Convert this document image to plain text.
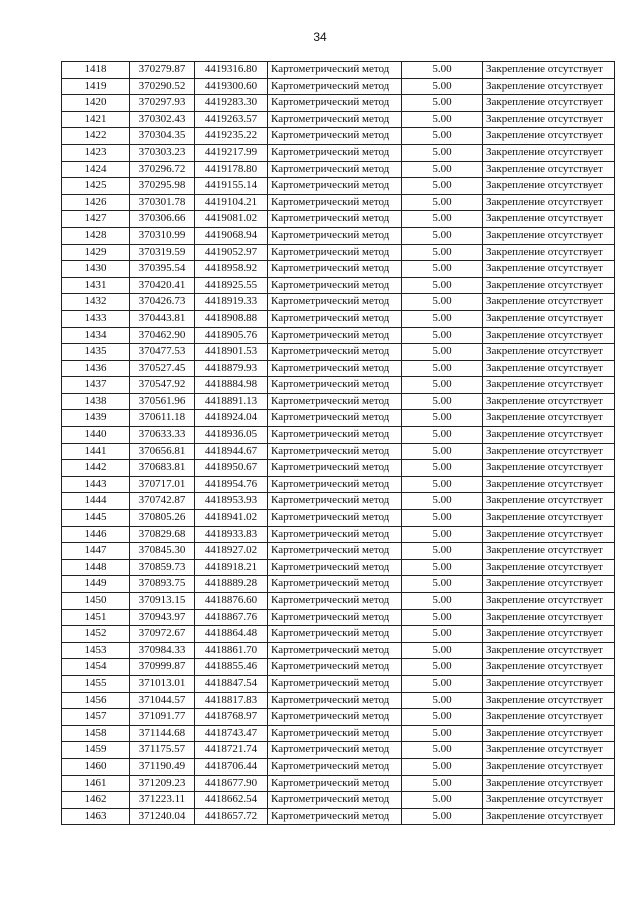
34
1418	370279.87	4419316.80	Картометрический метод	5.00	Закрепление отсутствует
1419	370290.52	4419300.60	Картометрический метод	5.00	Закрепление отсутствует
1420	370297.93	4419283.30	Картометрический метод	5.00	Закрепление отсутствует
1421	370302.43	4419263.57	Картометрический метод	5.00	Закрепление отсутствует
1422	370304.35	4419235.22	Картометрический метод	5.00	Закрепление отсутствует
1423	370303.23	4419217.99	Картометрический метод	5.00	Закрепление отсутствует
1424	370296.72	4419178.80	Картометрический метод	5.00	Закрепление отсутствует
1425	370295.98	4419155.14	Картометрический метод	5.00	Закрепление отсутствует
1426	370301.78	4419104.21	Картометрический метод	5.00	Закрепление отсутствует
1427	370306.66	4419081.02	Картометрический метод	5.00	Закрепление отсутствует
1428	370310.99	4419068.94	Картометрический метод	5.00	Закрепление отсутствует
1429	370319.59	4419052.97	Картометрический метод	5.00	Закрепление отсутствует
1430	370395.54	4418958.92	Картометрический метод	5.00	Закрепление отсутствует
1431	370420.41	4418925.55	Картометрический метод	5.00	Закрепление отсутствует
1432	370426.73	4418919.33	Картометрический метод	5.00	Закрепление отсутствует
1433	370443.81	4418908.88	Картометрический метод	5.00	Закрепление отсутствует
1434	370462.90	4418905.76	Картометрический метод	5.00	Закрепление отсутствует
1435	370477.53	4418901.53	Картометрический метод	5.00	Закрепление отсутствует
1436	370527.45	4418879.93	Картометрический метод	5.00	Закрепление отсутствует
1437	370547.92	4418884.98	Картометрический метод	5.00	Закрепление отсутствует
1438	370561.96	4418891.13	Картометрический метод	5.00	Закрепление отсутствует
1439	370611.18	4418924.04	Картометрический метод	5.00	Закрепление отсутствует
1440	370633.33	4418936.05	Картометрический метод	5.00	Закрепление отсутствует
1441	370656.81	4418944.67	Картометрический метод	5.00	Закрепление отсутствует
1442	370683.81	4418950.67	Картометрический метод	5.00	Закрепление отсутствует
1443	370717.01	4418954.76	Картометрический метод	5.00	Закрепление отсутствует
1444	370742.87	4418953.93	Картометрический метод	5.00	Закрепление отсутствует
1445	370805.26	4418941.02	Картометрический метод	5.00	Закрепление отсутствует
1446	370829.68	4418933.83	Картометрический метод	5.00	Закрепление отсутствует
1447	370845.30	4418927.02	Картометрический метод	5.00	Закрепление отсутствует
1448	370859.73	4418918.21	Картометрический метод	5.00	Закрепление отсутствует
1449	370893.75	4418889.28	Картометрический метод	5.00	Закрепление отсутствует
1450	370913.15	4418876.60	Картометрический метод	5.00	Закрепление отсутствует
1451	370943.97	4418867.76	Картометрический метод	5.00	Закрепление отсутствует
1452	370972.67	4418864.48	Картометрический метод	5.00	Закрепление отсутствует
1453	370984.33	4418861.70	Картометрический метод	5.00	Закрепление отсутствует
1454	370999.87	4418855.46	Картометрический метод	5.00	Закрепление отсутствует
1455	371013.01	4418847.54	Картометрический метод	5.00	Закрепление отсутствует
1456	371044.57	4418817.83	Картометрический метод	5.00	Закрепление отсутствует
1457	371091.77	4418768.97	Картометрический метод	5.00	Закрепление отсутствует
1458	371144.68	4418743.47	Картометрический метод	5.00	Закрепление отсутствует
1459	371175.57	4418721.74	Картометрический метод	5.00	Закрепление отсутствует
1460	371190.49	4418706.44	Картометрический метод	5.00	Закрепление отсутствует
1461	371209.23	4418677.90	Картометрический метод	5.00	Закрепление отсутствует
1462	371223.11	4418662.54	Картометрический метод	5.00	Закрепление отсутствует
1463	371240.04	4418657.72	Картометрический метод	5.00	Закрепление отсутствует
